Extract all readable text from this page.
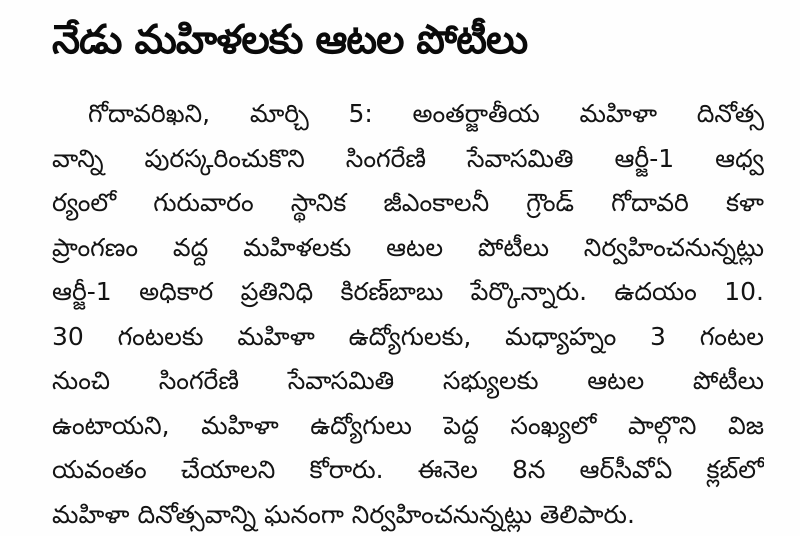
నేడు మహిళలకు ఆటల పోటీలు
గోదావరిఖని, మార్చి 5: అంతర్జాతీయ మహిళా దినోత్స
వాన్ని పురస్కరించుకొని సింగరేణి సేవాసమితి ఆర్జీ-1 ఆధ్వ
ర్యంలో గురువారం స్థానిక జీఎంకాలనీ గ్రౌండ్ గోదావరి కళా
ప్రాంగణం వద్ద మహిళలకు ఆటల పోటీలు నిర్వహించనున్నట్లు
ఆర్జీ-1 అధికార ప్రతినిధి కిరణ్‌బాబు పేర్కొన్నారు. ఉదయం 10.
30 గంటలకు మహిళా ఉద్యోగులకు, మధ్యాహ్నం 3 గంటల
నుంచి సింగరేణి సేవాసమితి సభ్యులకు ఆటల పోటీలు
ఉంటాయని, మహిళా ఉద్యోగులు పెద్ద సంఖ్యలో పాల్గొని విజ
యవంతం చేయాలని కోరారు. ఈనెల 8న ఆర్‌సీవోఏ క్లబ్‌లో
మహిళా దినోత్సవాన్ని ఘనంగా నిర్వహించనున్నట్లు తెలిపారు.
